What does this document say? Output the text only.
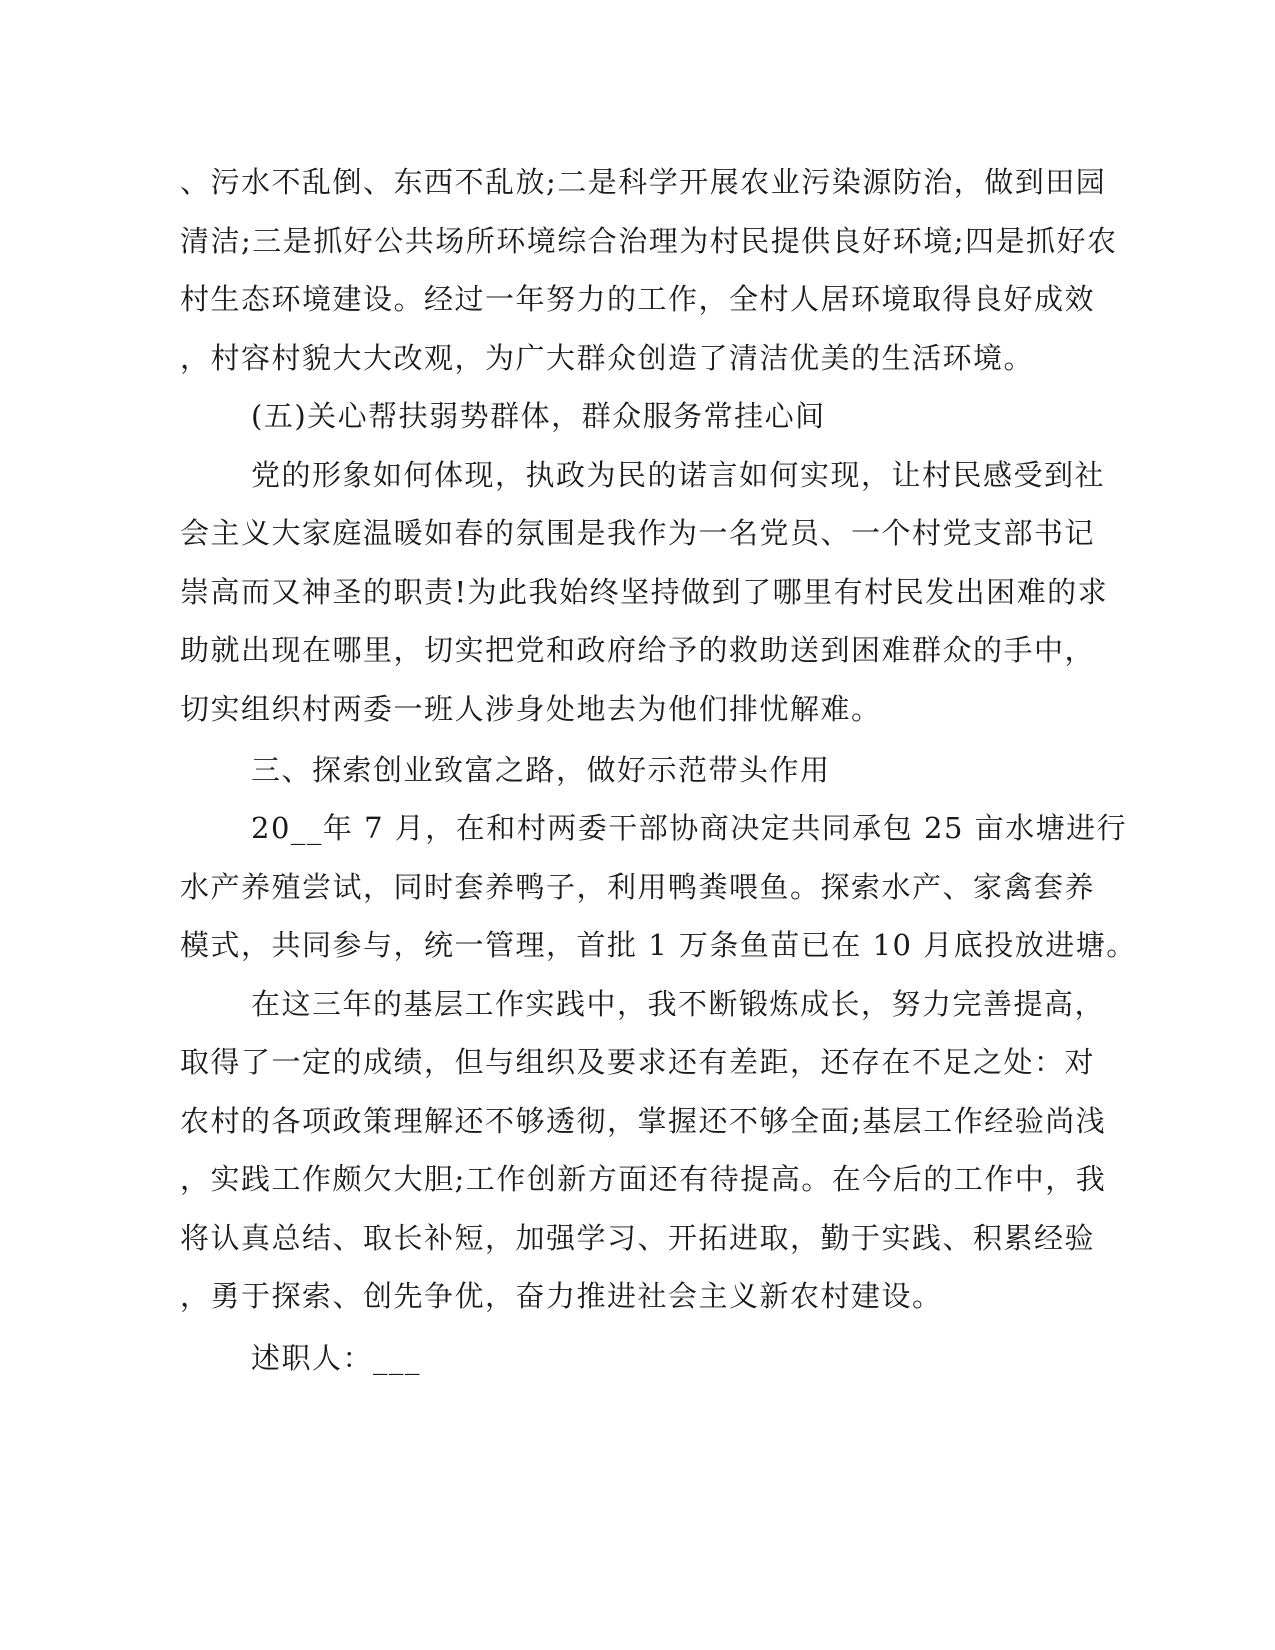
、污水不乱倒、东西不乱放;二是科学开展农业污染源防治，做到田园
清洁;三是抓好公共场所环境综合治理为村民提供良好环境;四是抓好农
村生态环境建设。经过一年努力的工作，全村人居环境取得良好成效
，村容村貌大大改观，为广大群众创造了清洁优美的生活环境。
(五)关心帮扶弱势群体，群众服务常挂心间
党的形象如何体现，执政为民的诺言如何实现，让村民感受到社
会主义大家庭温暖如春的氛围是我作为一名党员、一个村党支部书记
崇高而又神圣的职责!为此我始终坚持做到了哪里有村民发出困难的求
助就出现在哪里，切实把党和政府给予的救助送到困难群众的手中，
切实组织村两委一班人涉身处地去为他们排忧解难。
三、探索创业致富之路，做好示范带头作用
20__年 7 月，在和村两委干部协商决定共同承包 25 亩水塘进行
水产养殖尝试，同时套养鸭子，利用鸭粪喂鱼。探索水产、家禽套养
模式，共同参与，统一管理，首批 1 万条鱼苗已在 10 月底投放进塘。
在这三年的基层工作实践中，我不断锻炼成长，努力完善提高，
取得了一定的成绩，但与组织及要求还有差距，还存在不足之处：对
农村的各项政策理解还不够透彻，掌握还不够全面;基层工作经验尚浅
，实践工作颇欠大胆;工作创新方面还有待提高。在今后的工作中，我
将认真总结、取长补短，加强学习、开拓进取，勤于实践、积累经验
，勇于探索、创先争优，奋力推进社会主义新农村建设。
述职人：___
